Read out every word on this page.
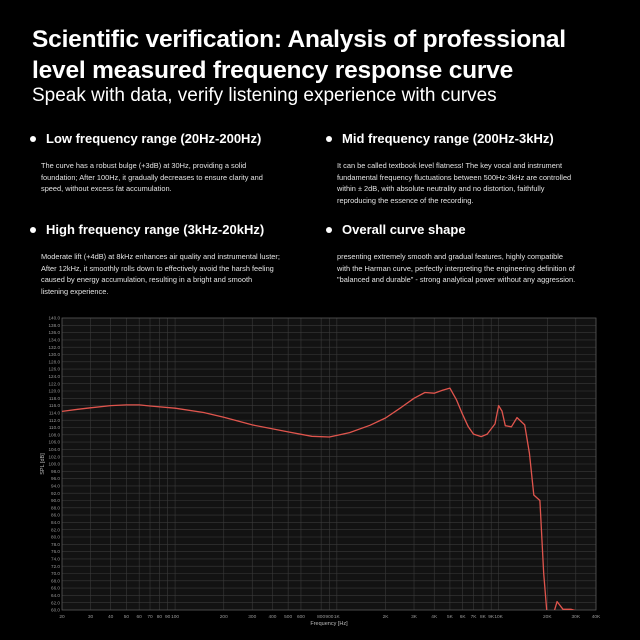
Scientific verification: Analysis of professional level measured frequency response curve

Speak with data, verify listening experience with curves

Low frequency range (20Hz-200Hz)
The curve has a robust bulge (+3dB) at 30Hz, providing a solid foundation; After 100Hz, it gradually decreases to ensure clarity and speed, without excess fat accumulation.
Mid frequency range (200Hz-3kHz)
It can be called textbook level flatness! The key vocal and instrument fundamental frequency fluctuations between 500Hz-3kHz are controlled within ± 2dB, with absolute neutrality and no distortion, faithfully reproducing the essence of the recording.
High frequency range (3kHz-20kHz)
Moderate lift (+4dB) at 8kHz enhances air quality and instrumental luster; After 12kHz, it smoothly rolls down to effectively avoid the harsh feeling caused by energy accumulation, resulting in a bright and smooth listening experience.
Overall curve shape
presenting extremely smooth and gradual features, highly compatible with the Harman curve, perfectly interpreting the engineering definition of "balanced and durable" - strong analytical power without any aggression.
60.0
62.0
64.0
66.0
68.0
70.0
72.0
74.0
76.0
78.0
80.0
82.0
84.0
86.0
88.0
90.0
92.0
94.0
96.0
98.0
100.0
102.0
104.0
106.0
108.0
110.0
112.0
114.0
116.0
118.0
120.0
122.0
124.0
126.0
128.0
130.0
132.0
134.0
136.0
138.0
140.0
20	30	40 50 60 70 80 90 100	200	300	400 500 600	800 900 1K	2K	3K	4K 5K 6K 7K 8K 9K 10K	20K	30K 40K
Frequency [Hz]
SPL [dB]
